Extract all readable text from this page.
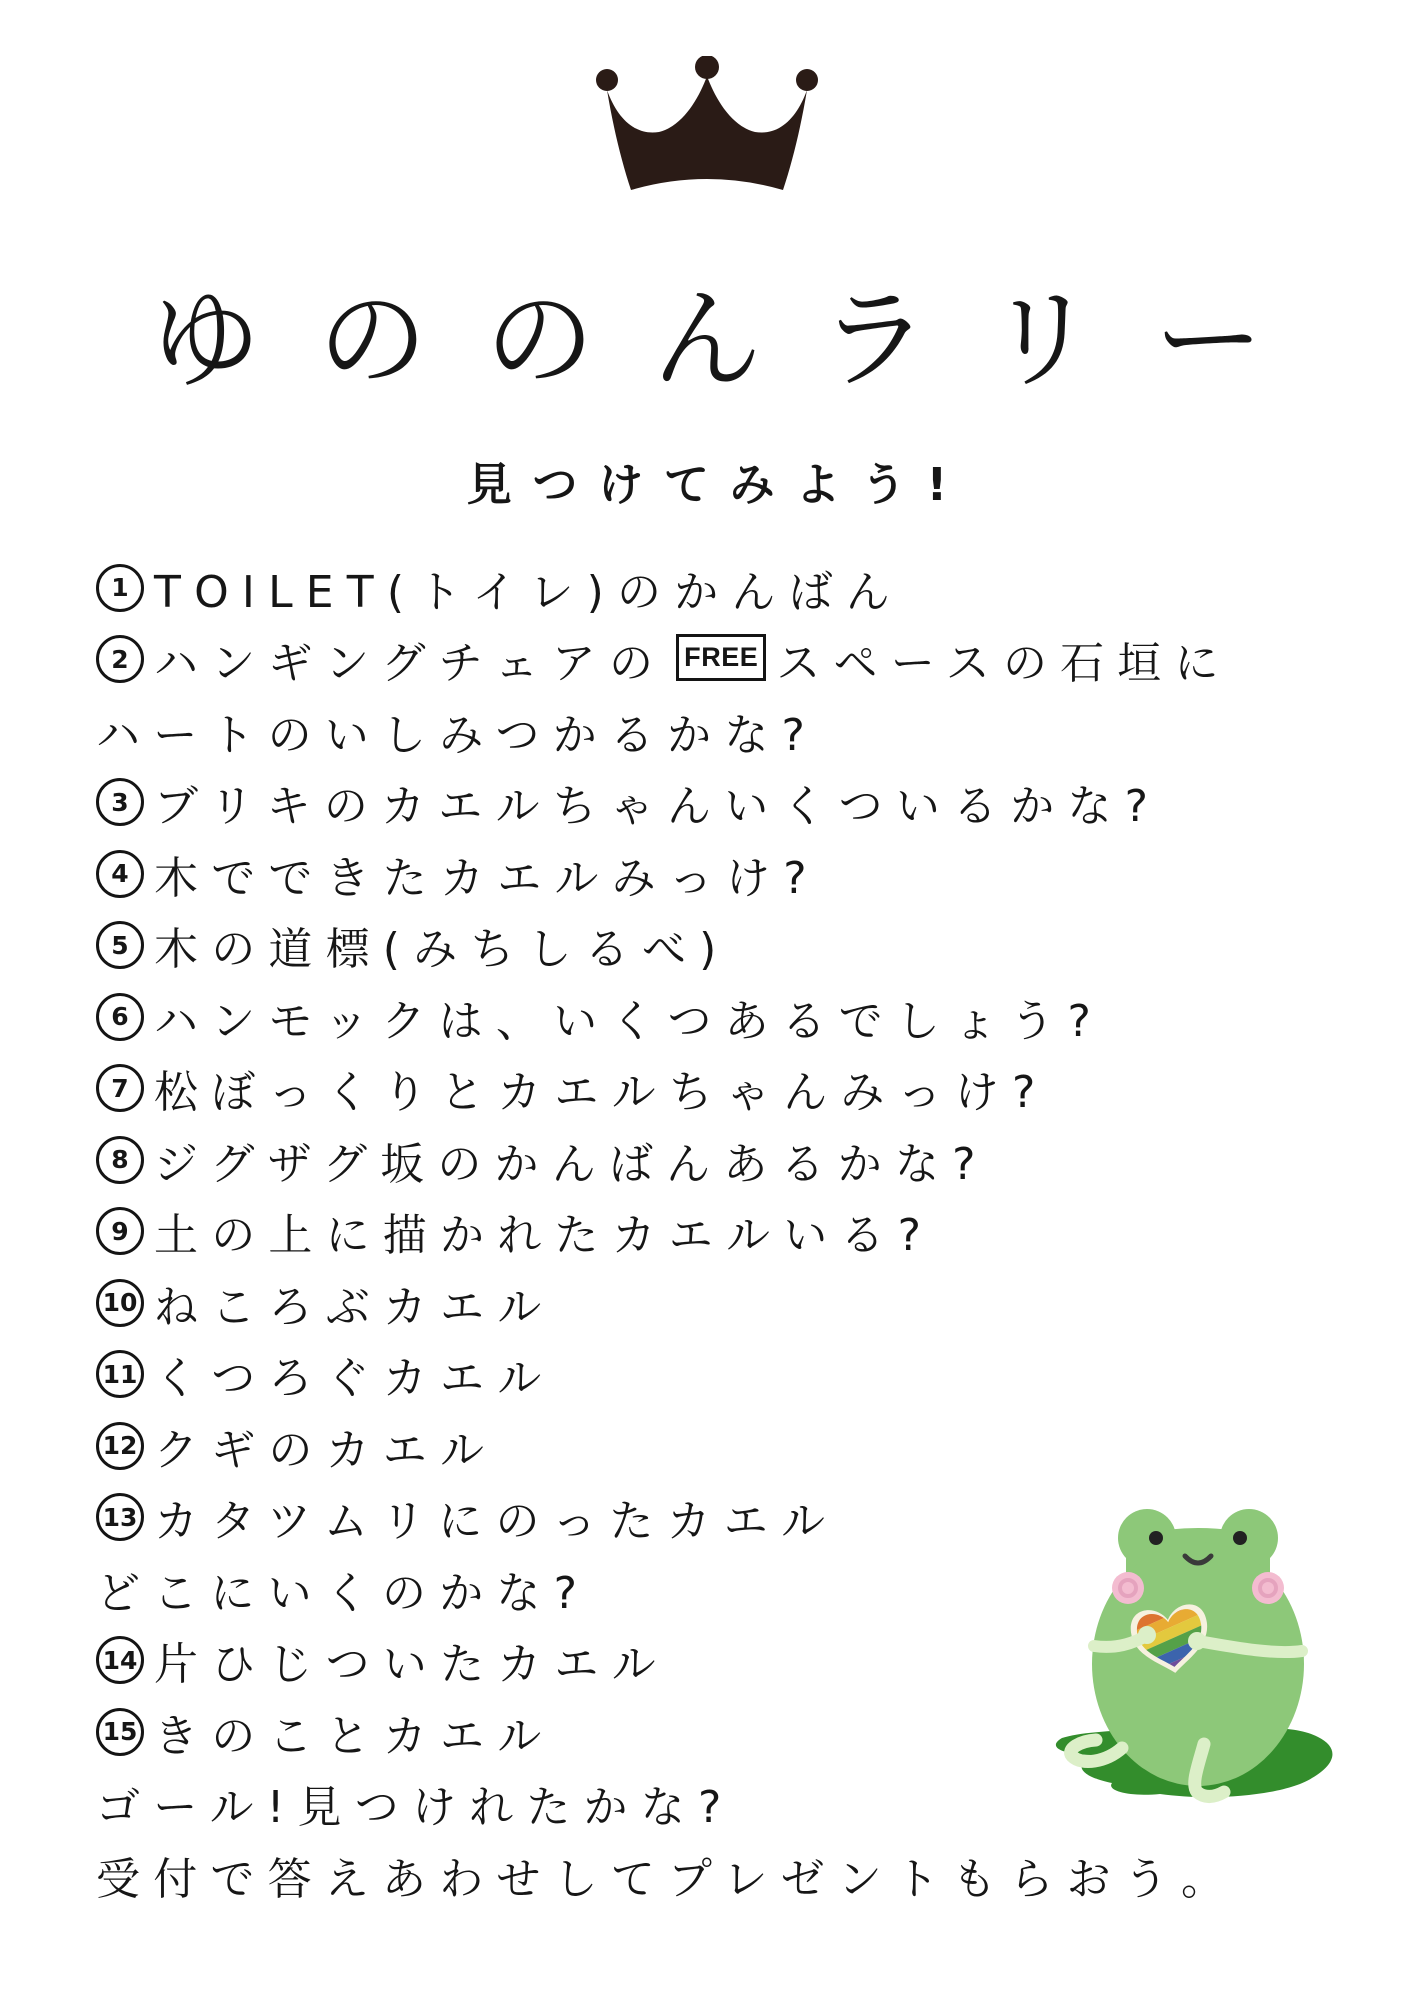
ゆののんラリー
見つけてみよう!
1 TOILET(トイレ)のかんばん
2 ハンギングチェアの FREE スペースの石垣に
ハートのいしみつかるかな?
3 ブリキのカエルちゃんいくついるかな?
4 木でできたカエルみっけ?
5 木の道標(みちしるべ)
6 ハンモックは、いくつあるでしょう?
7 松ぼっくりとカエルちゃんみっけ?
8 ジグザグ坂のかんばんあるかな?
9 土の上に描かれたカエルいる?
10 ねころぶカエル
11 くつろぐカエル
12 クギのカエル
13 カタツムリにのったカエル
どこにいくのかな?
14 片ひじついたカエル
15 きのことカエル
ゴール!見つけれたかな?
受付で答えあわせしてプレゼントもらおう。
